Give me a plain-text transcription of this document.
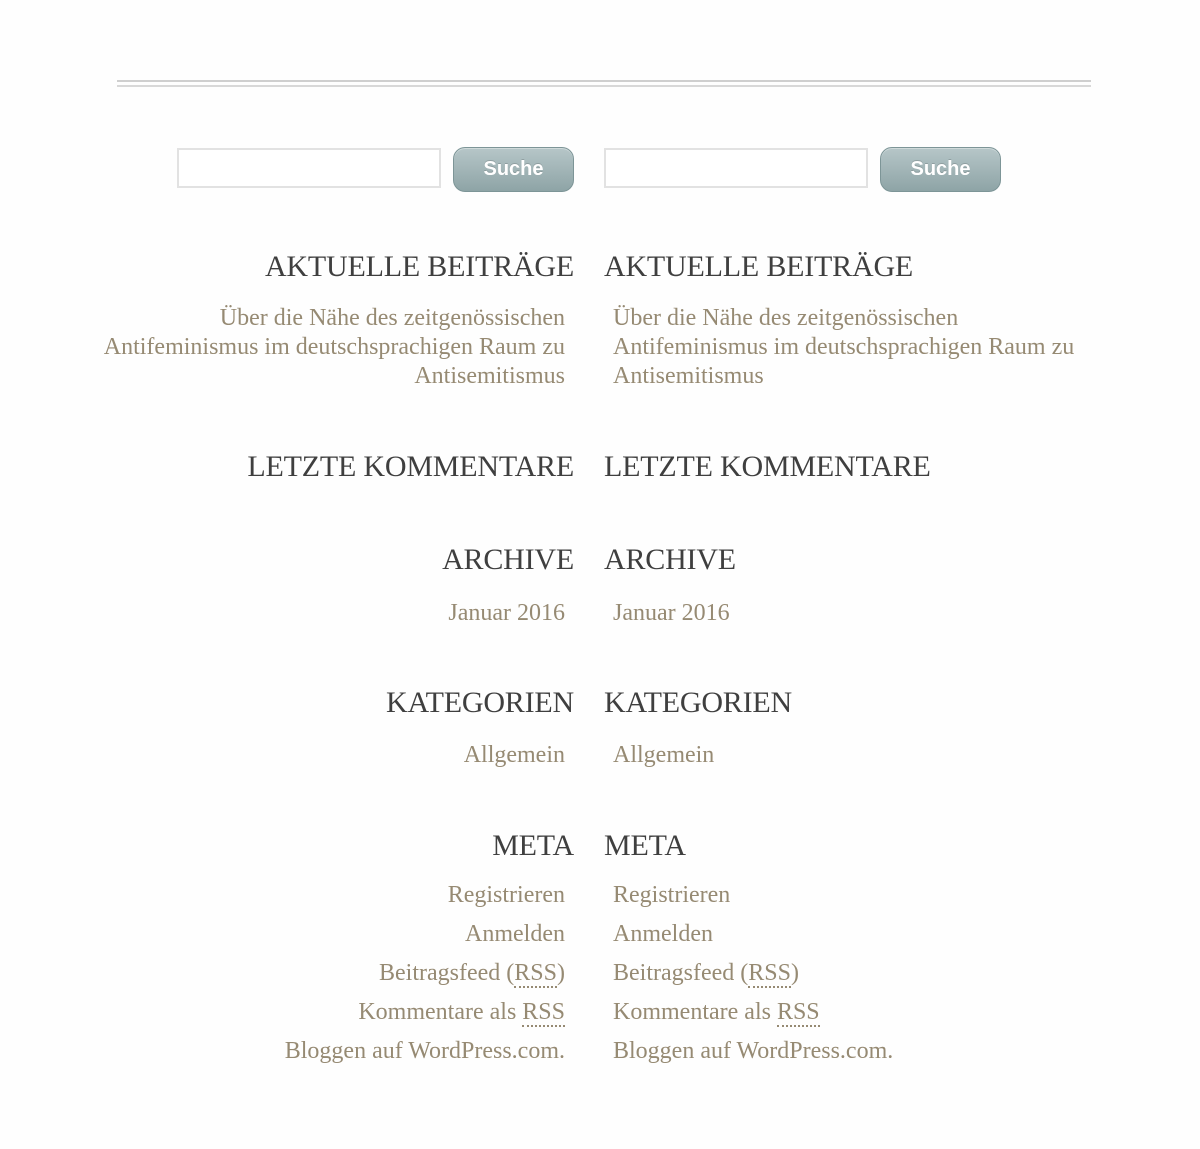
Suche
AKTUELLE BEITRÄGE
Über die Nähe des zeitgenössischen Antifeminismus im deutschsprachigen Raum zu Antisemitismus
LETZTE KOMMENTARE
ARCHIVE
Januar 2016
KATEGORIEN
Allgemein
META
Registrieren
Anmelden
Beitragsfeed (RSS)
Kommentare als RSS
Bloggen auf WordPress.com.
Suche
AKTUELLE BEITRÄGE
Über die Nähe des zeitgenössischen Antifeminismus im deutschsprachigen Raum zu Antisemitismus
LETZTE KOMMENTARE
ARCHIVE
Januar 2016
KATEGORIEN
Allgemein
META
Registrieren
Anmelden
Beitragsfeed (RSS)
Kommentare als RSS
Bloggen auf WordPress.com.
